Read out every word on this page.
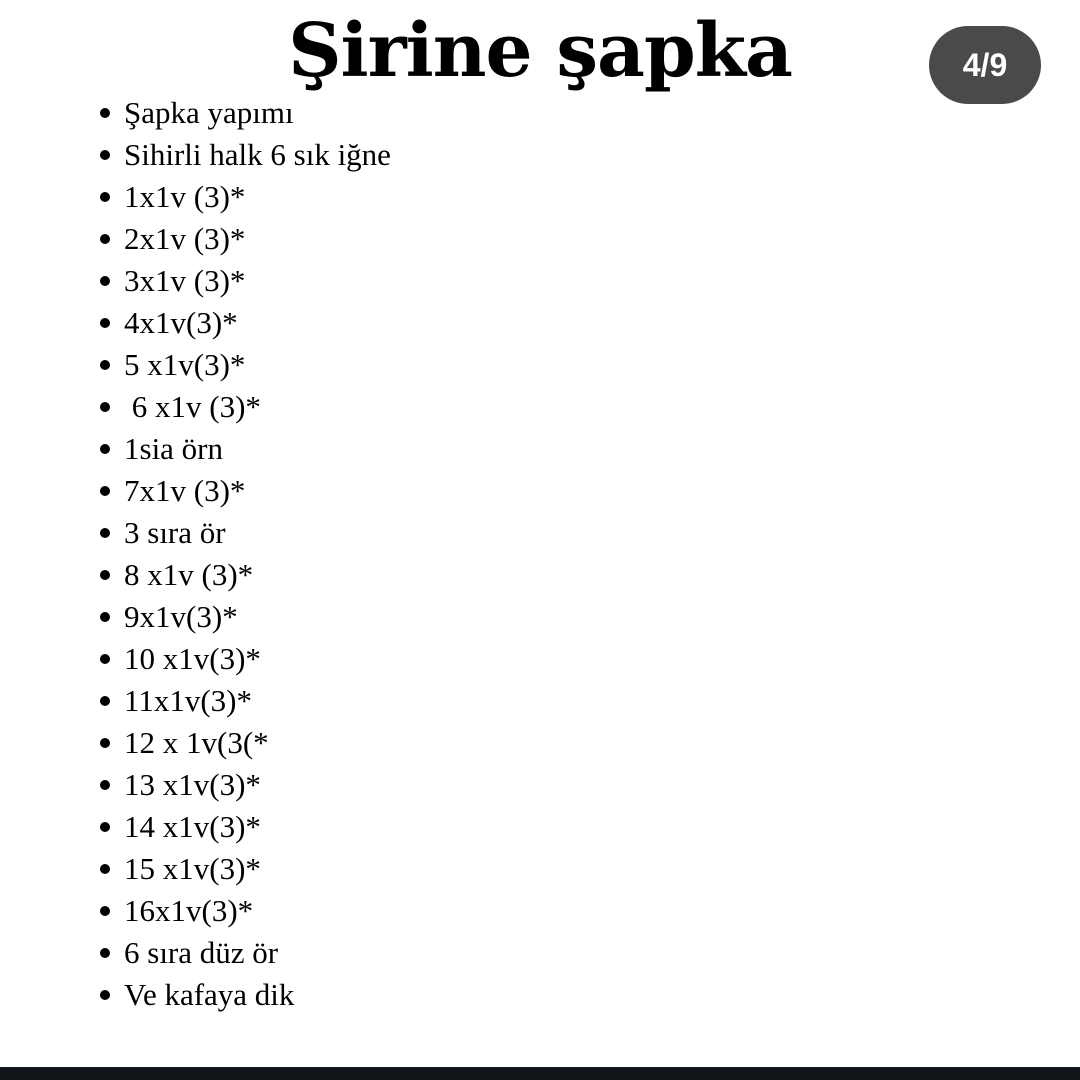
Şirine şapka	4/9
Şapka yapımı
Sihirli halk 6 sık iğne
1x1v (3)*
2x1v (3)*
3x1v (3)*
4x1v(3)*
5 x1v(3)*
6 x1v (3)*
1sia örn
7x1v (3)*
3 sıra ör
8 x1v (3)*
9x1v(3)*
10 x1v(3)*
11x1v(3)*
12 x 1v(3(*
13 x1v(3)*
14 x1v(3)*
15 x1v(3)*
16x1v(3)*
6 sıra düz ör
Ve kafaya dik
